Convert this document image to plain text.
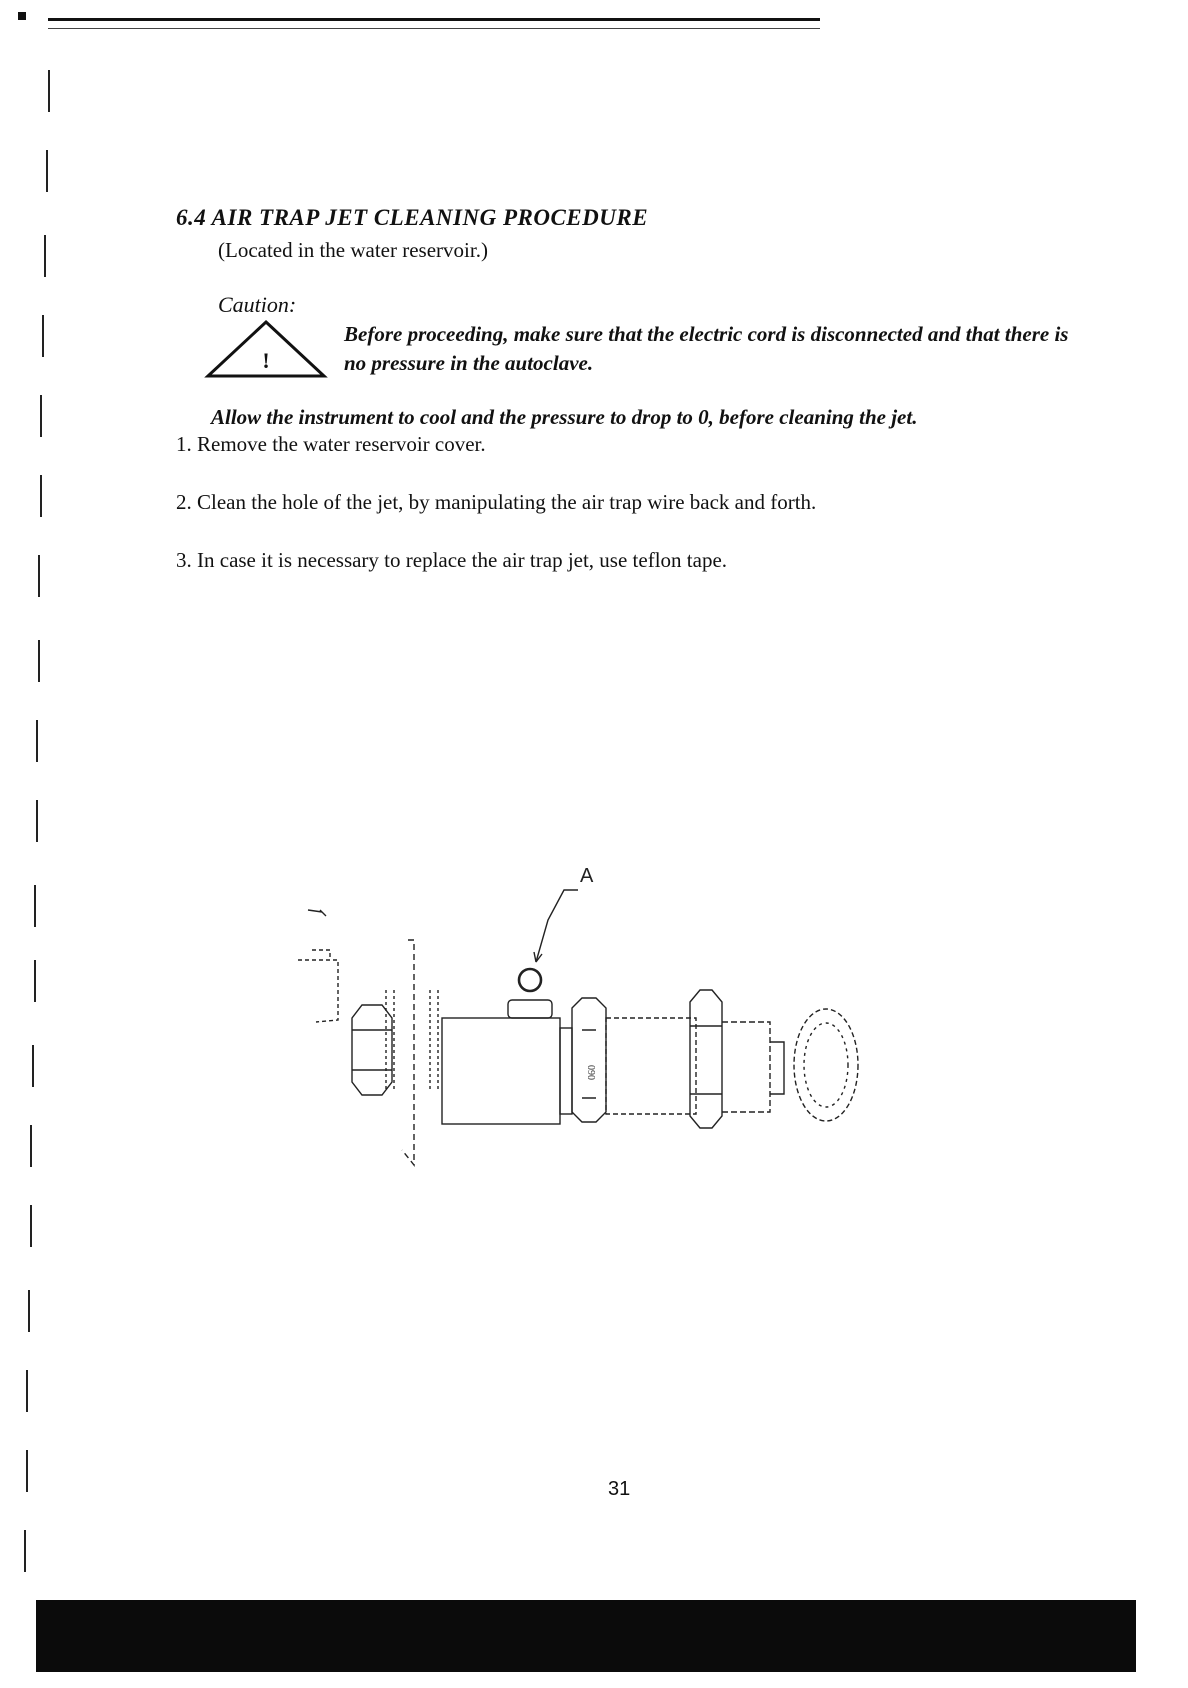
6.4 AIR TRAP JET CLEANING PROCEDURE
(Located in the water reservoir.)
Caution:
!
Before proceeding, make sure that the electric cord is disconnected and that there is no pressure in the autoclave.
Allow the instrument to cool and the pressure to drop to 0, before cleaning the jet.
1. Remove the water reservoir cover.
2. Clean the hole of the jet, by manipulating the air trap wire back and forth.
3. In case it is necessary to replace the air trap jet, use teflon tape.
A
090
31
